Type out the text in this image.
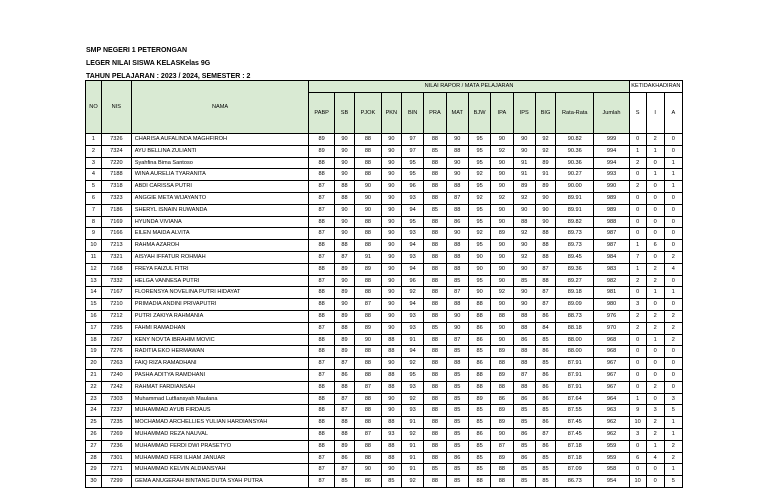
SMP NEGERI 1 PETERONGAN
LEGER NILAI SISWA KELASKelas 9G
TAHUN PELAJARAN : 2023 / 2024, SEMESTER : 2
NO	NIS	NAMA	NILAI RAPOR / MATA PELAJARAN													KETIDAKHADIRAN		
			PABP	SB	PJOK	PKN	BIN	PRA	MAT	BJW	IPA	IPS	BIG	Rata-Rata	Jumlah			
																S	I	A
1	7326	CHARISA AUFALINDA MAGHFIROH	89	90	88	90	97	88	90	95	90	90	92	90.82	999	0	2	0
2	7324	AYU BELLINA ZULIANTI	89	90	88	90	97	85	88	95	92	90	92	90.36	994	1	1	0
3	7220	Syahfina Bima Santoso	88	90	88	90	95	88	90	95	90	91	89	90.36	994	2	0	1
4	7188	WINA AURELIA TYARANITA	88	90	88	90	95	88	90	92	90	91	91	90.27	993	0	1	1
5	7318	ABDI CARISSA PUTRI	87	88	90	90	96	88	88	95	90	89	89	90.00	990	2	0	1
6	7323	ANGGIE META WIJAYANTO	87	88	90	90	93	88	87	92	92	92	90	89.91	989	0	0	0
7	7186	SHERYL ISNAIN RUWANDA	87	90	90	90	94	85	88	95	90	90	90	89.91	989	0	0	0
8	7169	HYUNDA VIVIANA	88	90	88	90	95	88	86	95	90	88	90	89.82	988	0	0	0
9	7166	EILEN MAIDA ALVITA	87	90	88	90	93	88	90	92	89	92	88	89.73	987	0	0	0
10	7213	RAHMA AZAROH	88	88	88	90	94	88	88	95	90	90	88	89.73	987	1	6	0
11	7321	AISYAH IFFATUR ROHMAH	87	87	91	90	93	88	88	90	90	92	88	89.45	984	7	0	2
12	7168	FREYA FAIZUL FITRI	88	89	89	90	94	88	88	90	90	90	87	89.36	983	1	2	4
13	7332	HELGA VANNESA PUTRI	87	90	88	90	96	88	85	95	90	85	88	89.27	982	2	2	0
14	7167	FLORENSYA NOVELINA PUTRI HIDAYAT	88	89	88	90	92	88	87	90	92	90	87	89.18	981	0	1	1
15	7210	PRIMADIA ANDINI PRIVAPUTRI	88	90	87	90	94	88	88	88	90	90	87	89.09	980	3	0	0
16	7212	PUTRI ZAKIYA RAHMANIA	88	89	88	90	93	88	90	88	88	88	86	88.73	976	2	2	2
17	7295	FAHMI RAMADHAN	87	88	89	90	93	85	90	86	90	88	84	88.18	970	2	2	2
18	7267	KENY NOVTA IBRAHIM MOVIC	88	89	90	88	91	88	87	86	90	86	85	88.00	968	0	1	2
19	7276	RADITIA EKO HERMAWAN	88	89	88	88	94	88	85	85	89	88	86	88.00	968	0	0	0
20	7263	FAIQ RIZA RAMADHANI	87	87	88	90	92	88	88	86	88	88	85	87.91	967	0	0	0
21	7240	PASHA ADITYA RAMDHANI	87	86	88	88	95	88	85	88	89	87	86	87.91	967	0	0	0
22	7242	RAHMAT FARDIANSAH	88	88	87	88	93	88	85	88	88	88	86	87.91	967	0	2	0
23	7303	Muhammad Lutfiansyah Maulana	88	87	88	90	92	88	85	89	86	86	86	87.64	964	1	0	3
24	7237	MUHAMMAD AYUB FIRDAUS	88	87	88	90	93	88	85	85	89	85	85	87.55	963	9	3	5
25	7235	MOCHAMAD ARCHELLIES YULIAN HARDIANSYAH	88	88	88	88	91	88	85	85	89	85	86	87.45	962	10	2	1
26	7269	MUHAMMAD REZA NAUVAL	88	88	87	93	92	88	85	86	90	86	87	87.45	962	3	2	1
27	7236	MUHAMMAD FERDI DWI PRASETYO	88	89	88	88	91	88	85	85	87	85	86	87.18	959	0	1	2
28	7301	MUHAMMAD FERI ILHAM JANUAR	87	86	88	88	91	88	86	85	89	86	85	87.18	959	6	4	2
29	7271	MUHAMMAD KELVIN ALDIANSYAH	87	87	90	90	91	85	85	85	88	85	85	87.09	958	0	0	1
30	7299	GEMA ANUGERAH BINTANG DUTA SYAH PUTRA	87	85	86	85	92	88	85	88	88	85	85	86.73	954	10	0	5
